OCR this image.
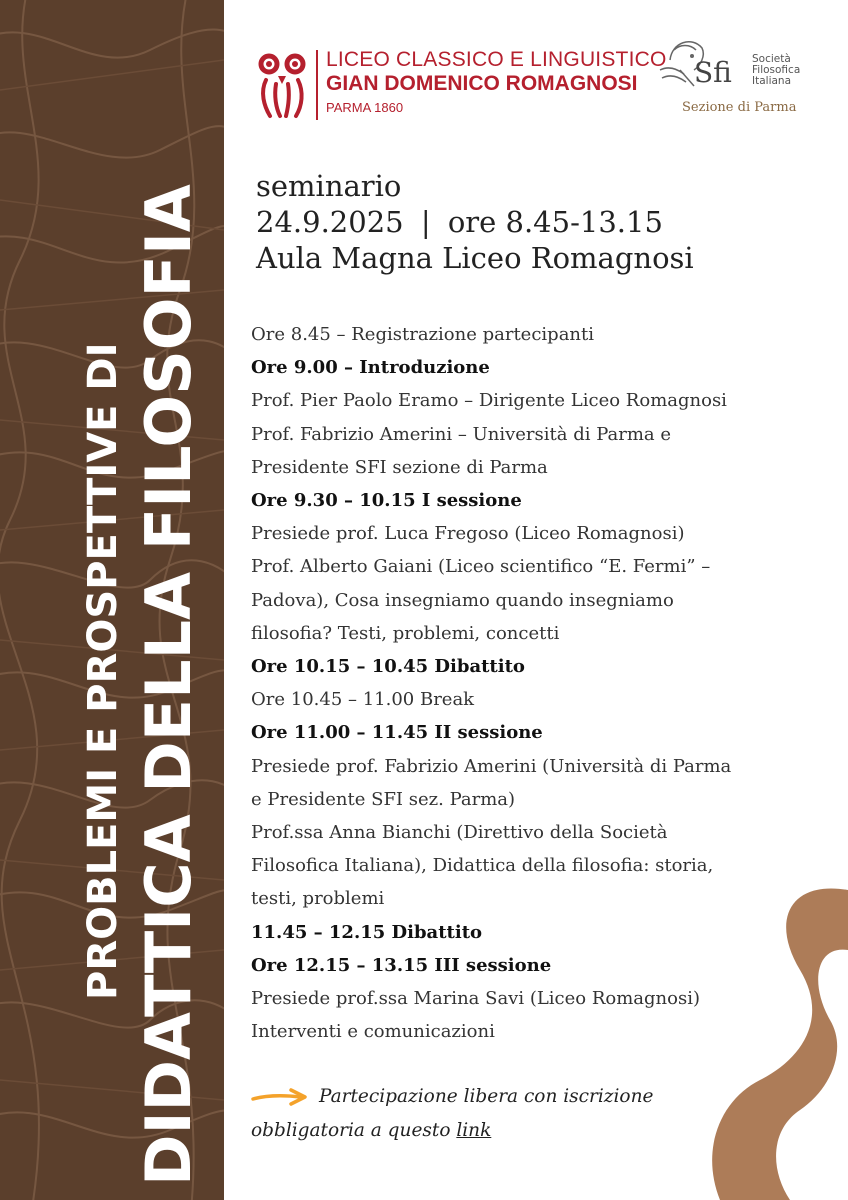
PROBLEMI E PROSPETTIVE DI DIDATTICA DELLA FILOSOFIA
LICEO CLASSICO E LINGUISTICO
GIAN DOMENICO ROMAGNOSI
PARMA 1860
Sfi Società
Filosofica
Italiana
Sezione di Parma
seminario
24.9.2025 | ore 8.45-13.15
Aula Magna Liceo Romagnosi
Ore 8.45 – Registrazione partecipanti
Ore 9.00 – Introduzione
Prof. Pier Paolo Eramo – Dirigente Liceo Romagnosi
Prof. Fabrizio Amerini – Università di Parma e
Presidente SFI sezione di Parma
Ore 9.30 – 10.15 I sessione
Presiede prof. Luca Fregoso (Liceo Romagnosi)
Prof. Alberto Gaiani (Liceo scientifico “E. Fermi” –
Padova), Cosa insegniamo quando insegniamo
filosofia? Testi, problemi, concetti
Ore 10.15 – 10.45 Dibattito
Ore 10.45 – 11.00 Break
Ore 11.00 – 11.45 II sessione
Presiede prof. Fabrizio Amerini (Università di Parma
e Presidente SFI sez. Parma)
Prof.ssa Anna Bianchi (Direttivo della Società
Filosofica Italiana), Didattica della filosofia: storia,
testi, problemi
11.45 – 12.15 Dibattito
Ore 12.15 – 13.15 III sessione
Presiede prof.ssa Marina Savi (Liceo Romagnosi)
Interventi e comunicazioni
Partecipazione libera con iscrizione
obbligatoria a questo link
